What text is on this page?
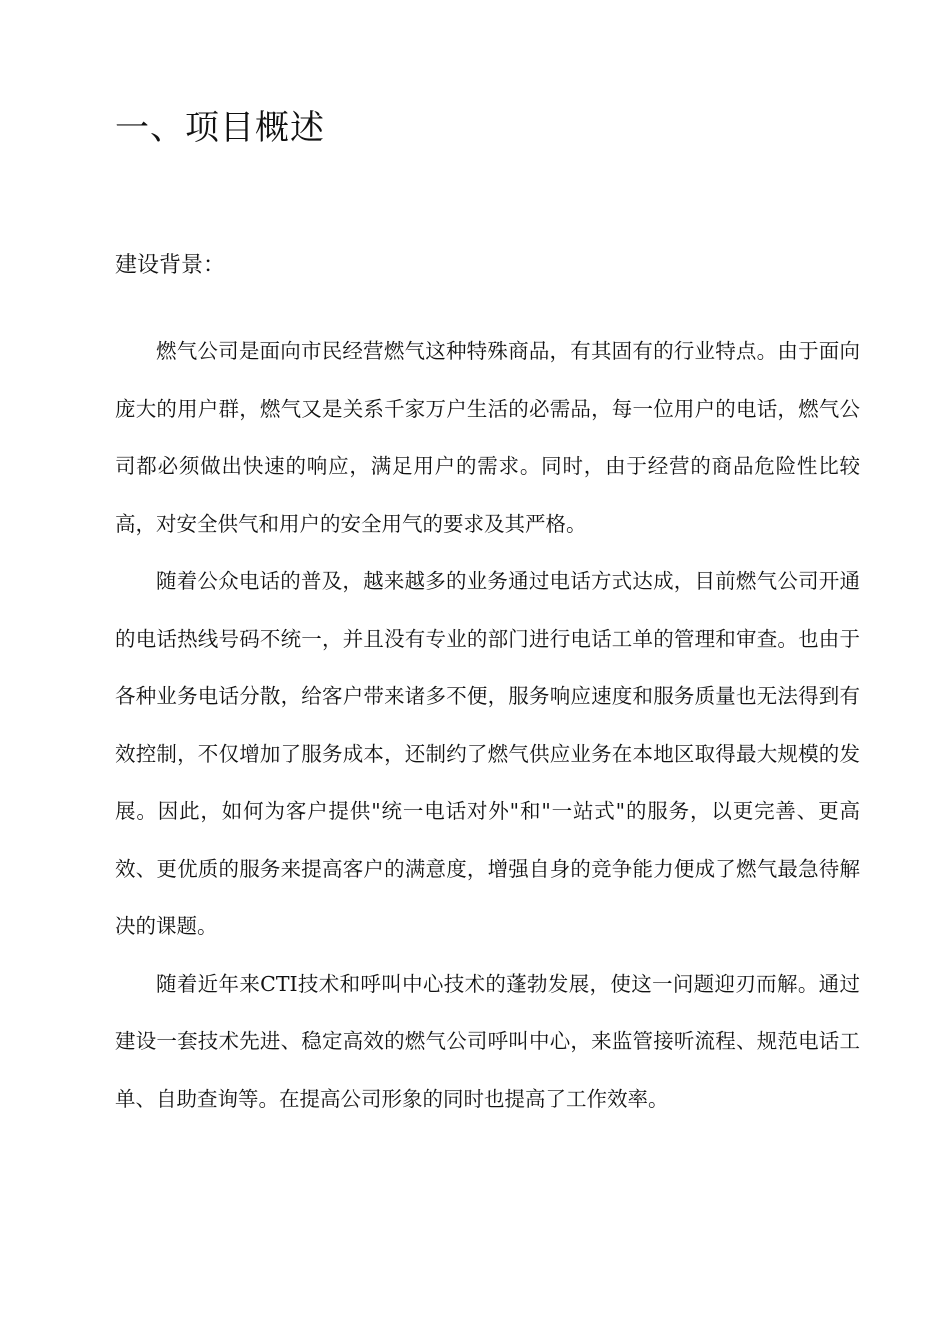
一、项目概述
建设背景：

燃气公司是面向市民经营燃气这种特殊商品，有其固有的行业特点。由于面向庞大的用户群，燃气又是关系千家万户生活的必需品，每一位用户的电话，燃气公司都必须做出快速的响应，满足用户的需求。同时，由于经营的商品危险性比较高，对安全供气和用户的安全用气的要求及其严格。

随着公众电话的普及，越来越多的业务通过电话方式达成，目前燃气公司开通的电话热线号码不统一，并且没有专业的部门进行电话工单的管理和审查。也由于各种业务电话分散，给客户带来诸多不便，服务响应速度和服务质量也无法得到有效控制，不仅增加了服务成本，还制约了燃气供应业务在本地区取得最大规模的发展。因此，如何为客户提供"统一电话对外"和"一站式"的服务，以更完善、更高效、更优质的服务来提高客户的满意度，增强自身的竞争能力便成了燃气最急待解决的课题。

随着近年来CTI技术和呼叫中心技术的蓬勃发展，使这一问题迎刃而解。通过建设一套技术先进、稳定高效的燃气公司呼叫中心，来监管接听流程、规范电话工单、自助查询等。在提高公司形象的同时也提高了工作效率。
